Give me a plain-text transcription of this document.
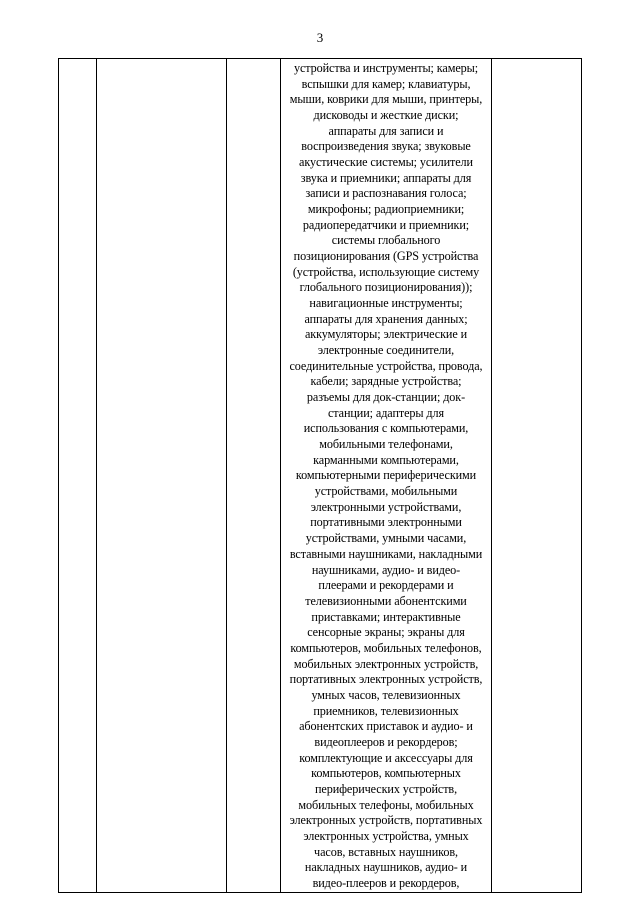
3

устройства и инструменты; камеры;
вспышки для камер; клавиатуры,
мыши, коврики для мыши, принтеры,
дисководы и жесткие диски;
аппараты для записи и
воспроизведения звука; звуковые
акустические системы; усилители
звука и приемники; аппараты для
записи и распознавания голоса;
микрофоны; радиоприемники;
радиопередатчики и приемники;
системы глобального
позиционирования (GPS устройства
(устройства, использующие систему
глобального позиционирования));
навигационные инструменты;
аппараты для хранения данных;
аккумуляторы; электрические и
электронные соединители,
соединительные устройства, провода,
кабели; зарядные устройства;
разъемы для док-станции; док-
станции; адаптеры для
использования с компьютерами,
мобильными телефонами,
карманными компьютерами,
компьютерными периферическими
устройствами, мобильными
электронными устройствами,
портативными электронными
устройствами, умными часами,
вставными наушниками, накладными
наушниками, аудио- и видео-
плеерами и рекордерами и
телевизионными абонентскими
приставками; интерактивные
сенсорные экраны; экраны для
компьютеров, мобильных телефонов,
мобильных электронных устройств,
портативных электронных устройств,
умных часов, телевизионных
приемников, телевизионных
абонентских приставок и аудио- и
видеоплееров и рекордеров;
комплектующие и аксессуары для
компьютеров, компьютерных
периферических устройств,
мобильных телефоны, мобильных
электронных устройств, портативных
электронных устройства, умных
часов, вставных наушников,
накладных наушников, аудио- и
видео-плееров и рекордеров,
